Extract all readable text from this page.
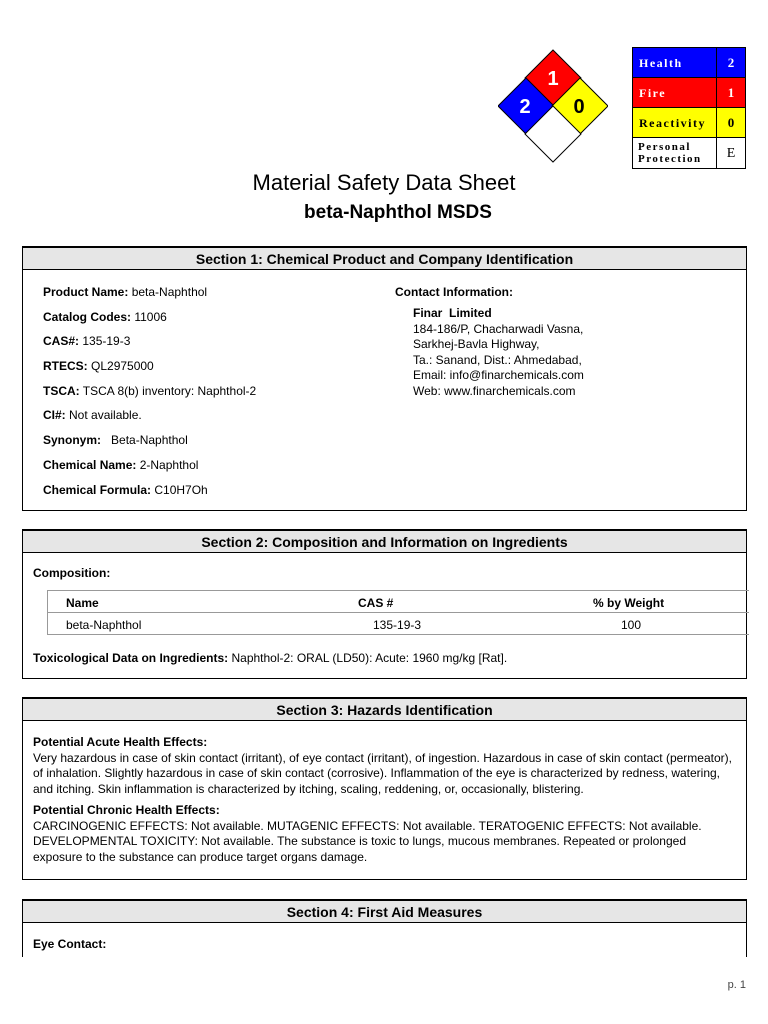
1
2 0
Health	2
Fire	1
Reactivity	0
Personal
Protection	E
Material Safety Data Sheet
beta-Naphthol MSDS
Section 1: Chemical Product and Company Identification
Product Name: beta-Naphthol
Catalog Codes: 11006
CAS#: 135-19-3
RTECS: QL2975000
TSCA: TSCA 8(b) inventory: Naphthol-2
CI#: Not available.
Synonym:   Beta-Naphthol
Chemical Name: 2-Naphthol
Chemical Formula: C10H7Oh
Contact Information:
Finar  Limited
184-186/P, Chacharwadi Vasna,
Sarkhej-Bavla Highway,
Ta.: Sanand, Dist.: Ahmedabad,
Email: info@finarchemicals.com
Web: www.finarchemicals.com
Section 2: Composition and Information on Ingredients
Composition:
Name	CAS #	% by Weight
beta-Naphthol	135-19-3	100
Toxicological Data on Ingredients: Naphthol-2: ORAL (LD50): Acute: 1960 mg/kg [Rat].
Section 3: Hazards Identification
Potential Acute Health Effects:
Very hazardous in case of skin contact (irritant), of eye contact (irritant), of ingestion. Hazardous in case of skin contact (permeator), of inhalation. Slightly hazardous in case of skin contact (corrosive). Inflammation of the eye is characterized by redness, watering, and itching. Skin inflammation is characterized by itching, scaling, reddening, or, occasionally, blistering.
Potential Chronic Health Effects:
CARCINOGENIC EFFECTS: Not available. MUTAGENIC EFFECTS: Not available. TERATOGENIC EFFECTS: Not available. DEVELOPMENTAL TOXICITY: Not available. The substance is toxic to lungs, mucous membranes. Repeated or prolonged exposure to the substance can produce target organs damage.
Section 4: First Aid Measures
Eye Contact:
p. 1
